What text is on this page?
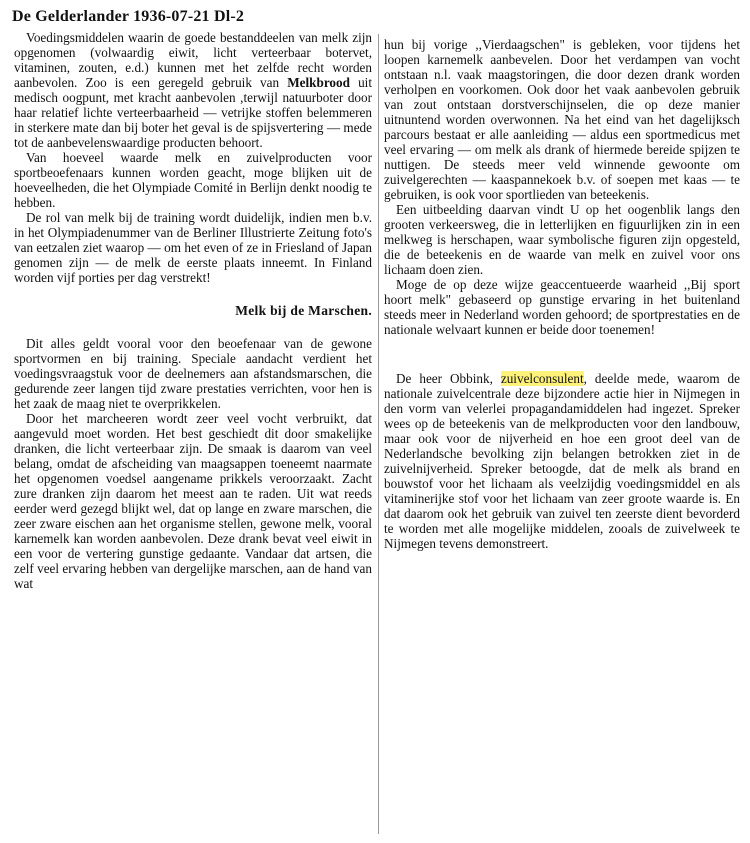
De Gelderlander 1936-07-21 Dl-2

Voedingsmiddelen waarin de goede bestanddeelen van melk zijn opgenomen (volwaardig eiwit, licht verteerbaar botervet, vitaminen, zouten, e.d.) kunnen met het zelfde recht worden aanbevolen. Zoo is een geregeld gebruik van Melkbrood uit medisch oogpunt, met kracht aanbevolen ,terwijl natuurboter door haar relatief lichte verteerbaarheid — vetrijke stoffen belemmeren in sterkere mate dan bij boter het geval is de spijsvertering — mede tot de aanbevelenswaardige producten behoort.

Van hoeveel waarde melk en zuivelproducten voor sportbeoefenaars kunnen worden geacht, moge blijken uit de hoeveelheden, die het Olympiade Comité in Berlijn denkt noodig te hebben.

De rol van melk bij de training wordt duidelijk, indien men b.v. in het Olympiadenummer van de Berliner Illustrierte Zeitung foto's van eetzalen ziet waarop — om het even of ze in Friesland of Japan genomen zijn — de melk de eerste plaats inneemt. In Finland worden vijf porties per dag verstrekt!

Melk bij de Marschen.

Dit alles geldt vooral voor den beoefenaar van de gewone sportvormen en bij training. Speciale aandacht verdient het voedingsvraagstuk voor de deelnemers aan afstandsmarschen, die gedurende zeer langen tijd zware prestaties verrichten, voor hen is het zaak de maag niet te overprikkelen.

Door het marcheeren wordt zeer veel vocht verbruikt, dat aangevuld moet worden. Het best geschiedt dit door smakelijke dranken, die licht verteerbaar zijn. De smaak is daarom van veel belang, omdat de afscheiding van maagsappen toeneemt naarmate het opgenomen voedsel aangename prikkels veroorzaakt. Zacht zure dranken zijn daarom het meest aan te raden. Uit wat reeds eerder werd gezegd blijkt wel, dat op lange en zware marschen, die zeer zware eischen aan het organisme stellen, gewone melk, vooral karnemelk kan worden aanbevolen. Deze drank bevat veel eiwit in een voor de vertering gunstige gedaante. Vandaar dat artsen, die zelf veel ervaring hebben van dergelijke marschen, aan de hand van wat

hun bij vorige ,,Vierdaagschen" is gebleken, voor tijdens het loopen karnemelk aanbevelen. Door het verdampen van vocht ontstaan n.l. vaak maagstoringen, die door dezen drank worden verholpen en voorkomen. Ook door het vaak aanbevolen gebruik van zout ontstaan dorstverschijnselen, die op deze manier uitnuntend worden overwonnen. Na het eind van het dagelijksch parcours bestaat er alle aanleiding — aldus een sportmedicus met veel ervaring — om melk als drank of hiermede bereide spijzen te nuttigen. De steeds meer veld winnende gewoonte om zuivelgerechten — kaaspannekoek b.v. of soepen met kaas — te gebruiken, is ook voor sportlieden van beteekenis.

Een uitbeelding daarvan vindt U op het oogenblik langs den grooten verkeersweg, die in letterlijken en figuurlijken zin in een melkweg is herschapen, waar symbolische figuren zijn opgesteld, die de beteekenis en de waarde van melk en zuivel voor ons lichaam doen zien.

Moge de op deze wijze geaccentueerde waarheid ,,Bij sport hoort melk" gebaseerd op gunstige ervaring in het buitenland steeds meer in Nederland worden gehoord; de sportprestaties en de nationale welvaart kunnen er beide door toenemen!

De heer Obbink, zuivelconsulent, deelde mede, waarom de nationale zuivelcentrale deze bijzondere actie hier in Nijmegen in den vorm van velerlei propagandamiddelen had ingezet. Spreker wees op de beteekenis van de melkproducten voor den landbouw, maar ook voor de nijverheid en hoe een groot deel van de Nederlandsche bevolking zijn belangen betrokken ziet in de zuivelnijverheid. Spreker betoogde, dat de melk als brand en bouwstof voor het lichaam als veelzijdig voedingsmiddel en als vitaminerijke stof voor het lichaam van zeer groote waarde is. En dat daarom ook het gebruik van zuivel ten zeerste dient bevorderd te worden met alle mogelijke middelen, zooals de zuivelweek te Nijmegen tevens demonstreert.
